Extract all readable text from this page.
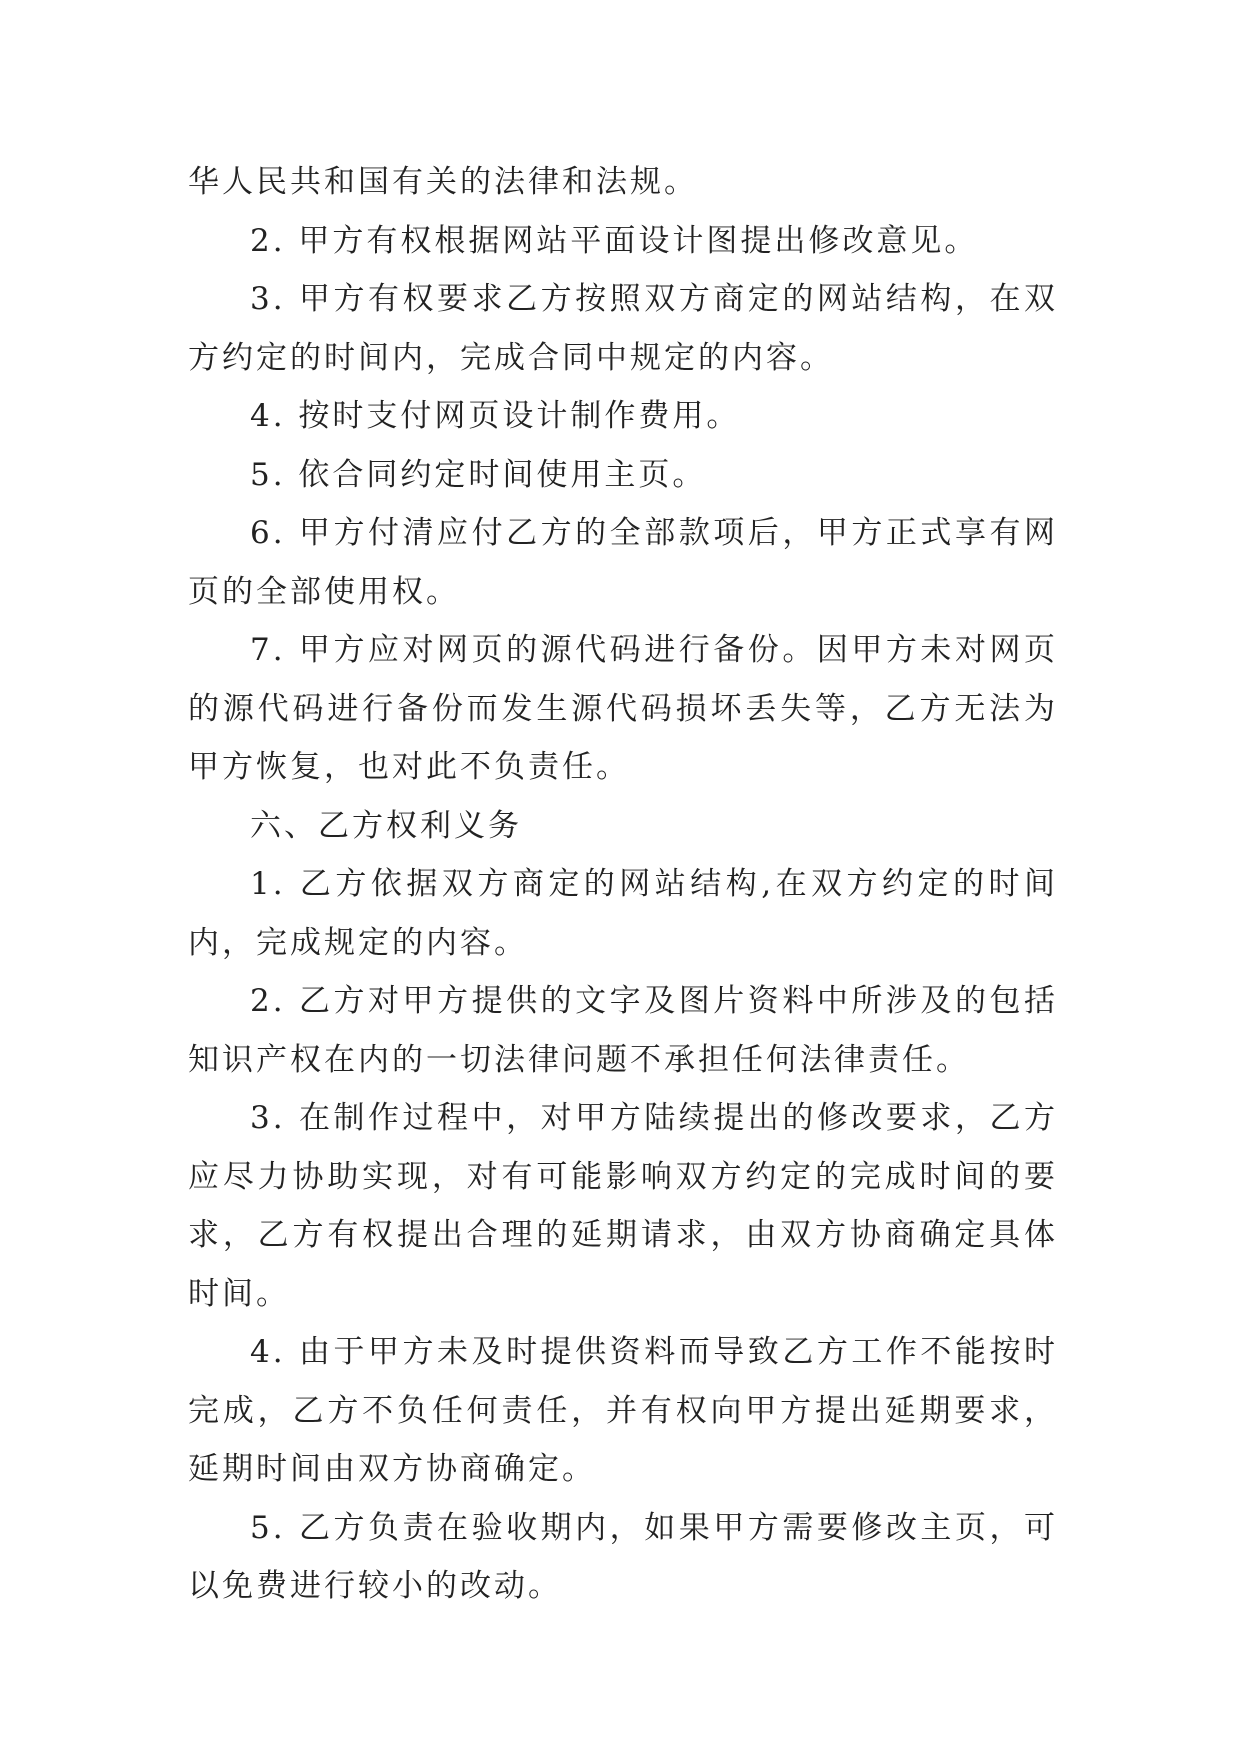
华人民共和国有关的法律和法规。

2. 甲方有权根据网站平面设计图提出修改意见。

3. 甲方有权要求乙方按照双方商定的网站结构，在双方约定的时间内，完成合同中规定的内容。

4. 按时支付网页设计制作费用。

5. 依合同约定时间使用主页。

6. 甲方付清应付乙方的全部款项后，甲方正式享有网页的全部使用权。

7. 甲方应对网页的源代码进行备份。因甲方未对网页的源代码进行备份而发生源代码损坏丢失等，乙方无法为甲方恢复，也对此不负责任。

六、乙方权利义务

1. 乙方依据双方商定的网站结构,在双方约定的时间内，完成规定的内容。

2. 乙方对甲方提供的文字及图片资料中所涉及的包括知识产权在内的一切法律问题不承担任何法律责任。

3. 在制作过程中，对甲方陆续提出的修改要求，乙方应尽力协助实现，对有可能影响双方约定的完成时间的要求，乙方有权提出合理的延期请求，由双方协商确定具体时间。

4. 由于甲方未及时提供资料而导致乙方工作不能按时完成，乙方不负任何责任，并有权向甲方提出延期要求，延期时间由双方协商确定。

5. 乙方负责在验收期内，如果甲方需要修改主页，可以免费进行较小的改动。
